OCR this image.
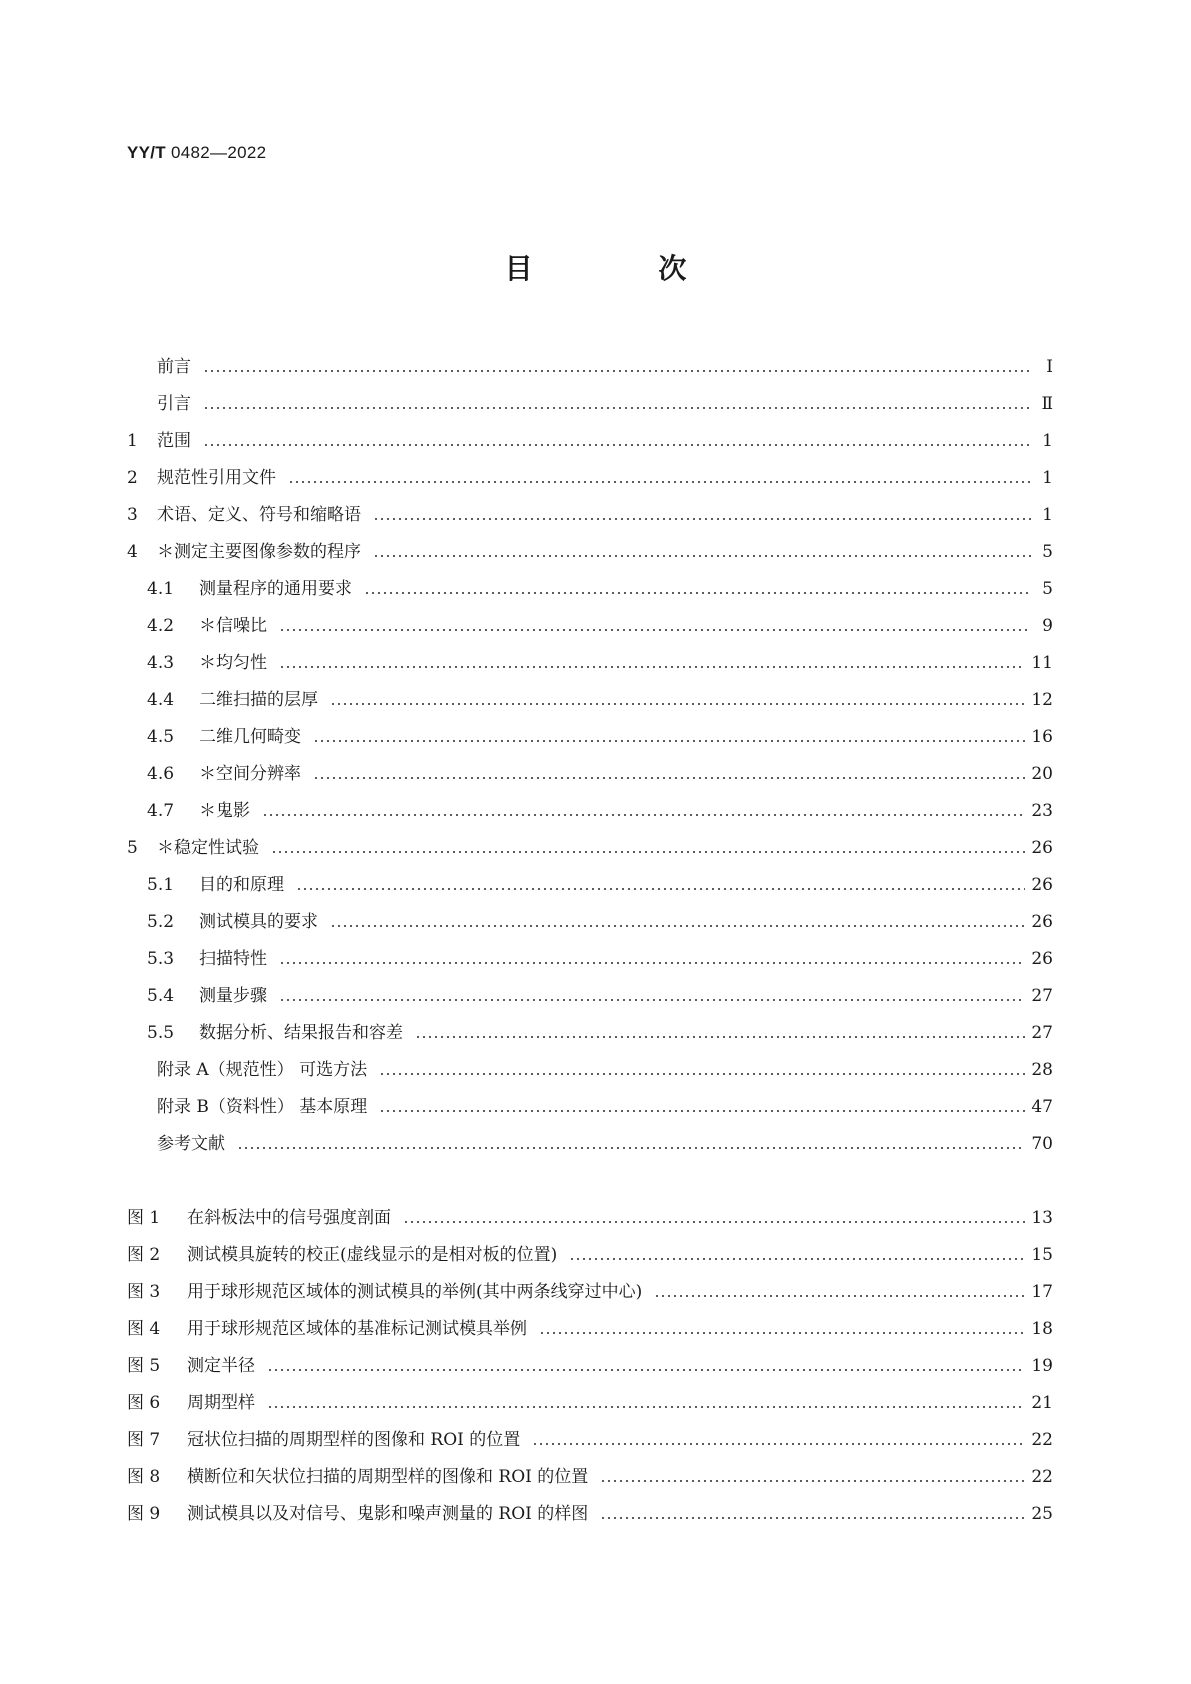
YY/T 0482—2022
目 次
前言	Ⅰ
引言	Ⅱ
1	范围	1
2	规范性引用文件	1
3	术语、定义、符号和缩略语	1
4	＊测定主要图像参数的程序	5
4.1	测量程序的通用要求	5
4.2	＊信噪比	9
4.3	＊均匀性	11
4.4	二维扫描的层厚	12
4.5	二维几何畸变	16
4.6	＊空间分辨率	20
4.7	＊鬼影	23
5	＊稳定性试验	26
5.1	目的和原理	26
5.2	测试模具的要求	26
5.3	扫描特性	26
5.4	测量步骤	27
5.5	数据分析、结果报告和容差	27
附录 A（规范性） 可选方法	28
附录 B（资料性） 基本原理	47
参考文献	70
图 1	在斜板法中的信号强度剖面	13
图 2	测试模具旋转的校正(虚线显示的是相对板的位置)	15
图 3	用于球形规范区域体的测试模具的举例(其中两条线穿过中心)	17
图 4	用于球形规范区域体的基准标记测试模具举例	18
图 5	测定半径	19
图 6	周期型样	21
图 7	冠状位扫描的周期型样的图像和 ROI 的位置	22
图 8	横断位和矢状位扫描的周期型样的图像和 ROI 的位置	22
图 9	测试模具以及对信号、鬼影和噪声测量的 ROI 的样图	25
